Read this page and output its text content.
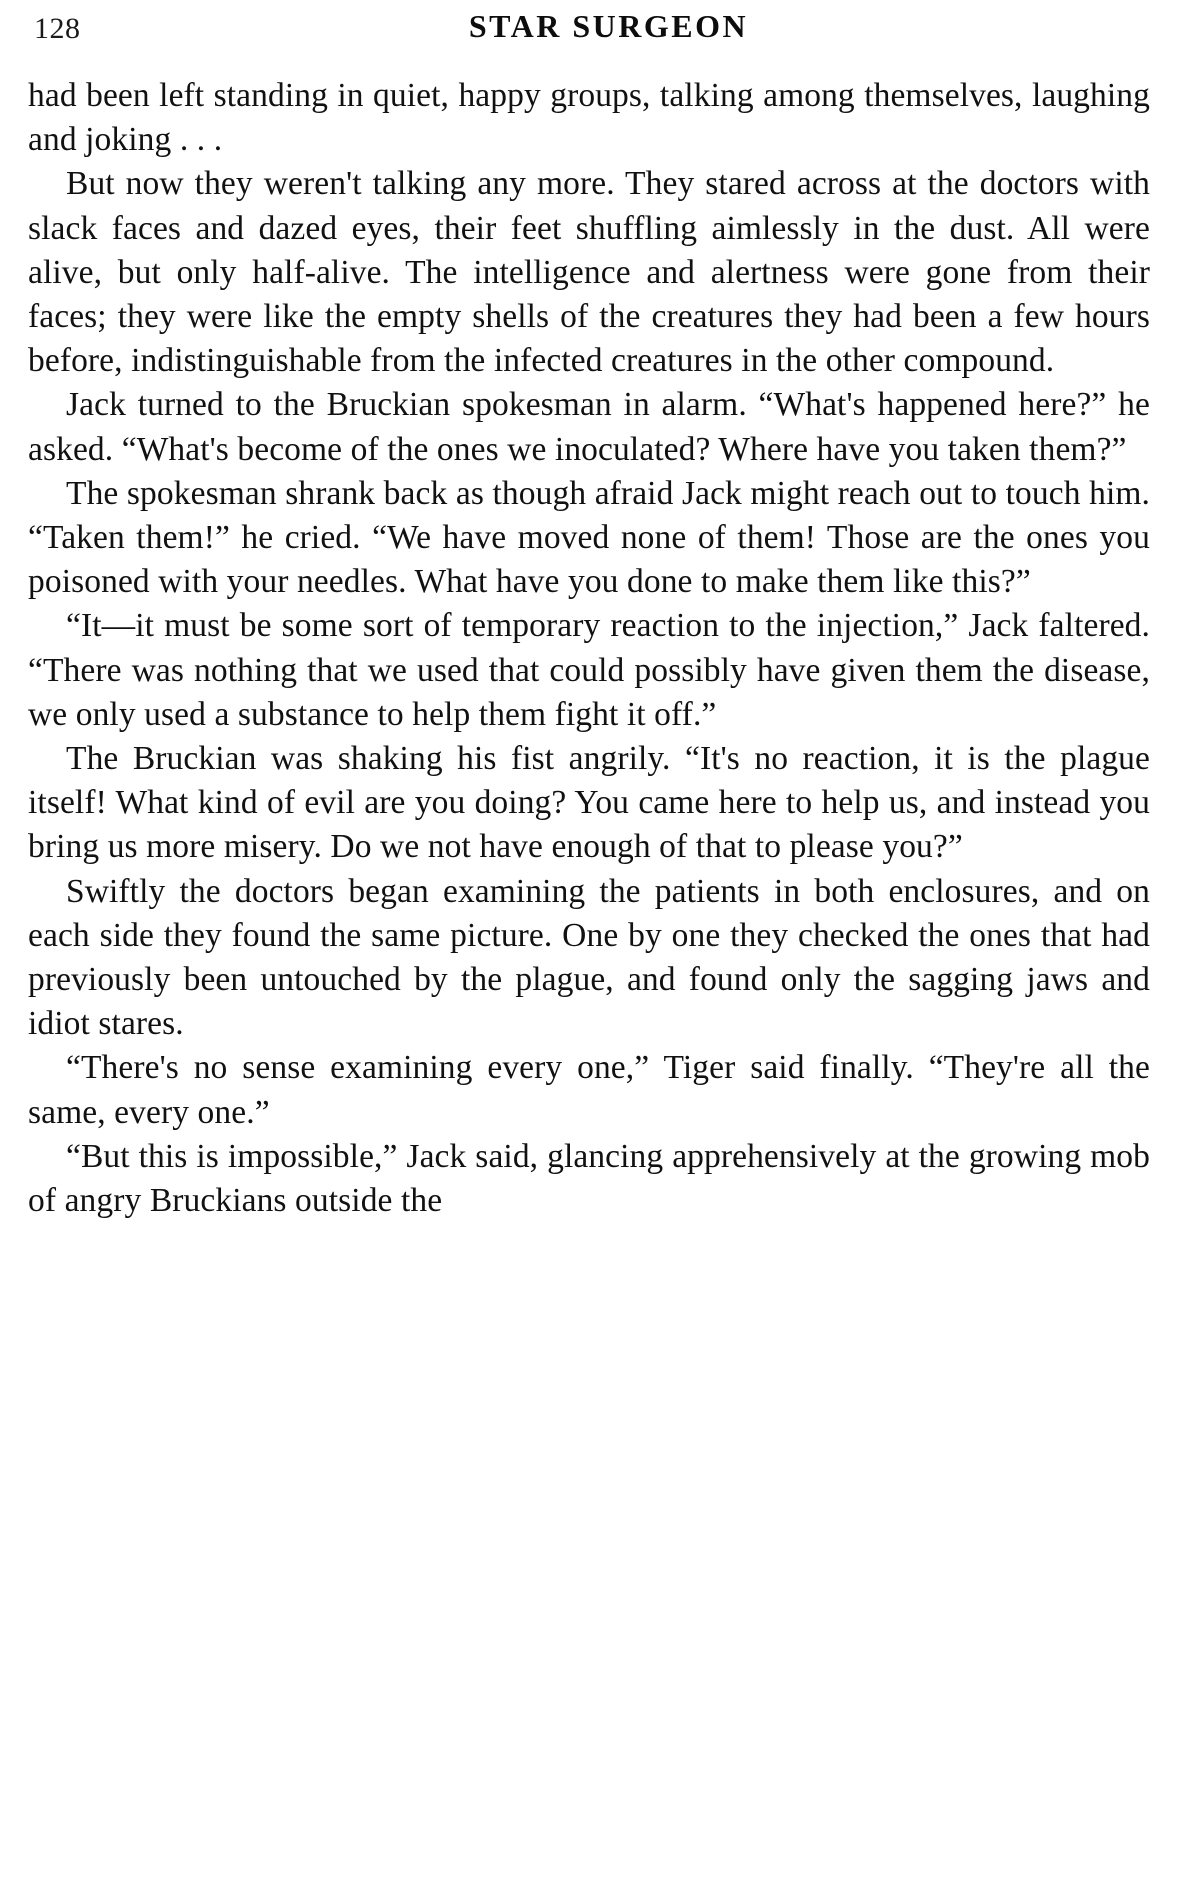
128	STAR SURGEON

had been left standing in quiet, happy groups, talking among themselves, laughing and joking . . .

But now they weren't talking any more. They stared across at the doctors with slack faces and dazed eyes, their feet shuffling aimlessly in the dust. All were alive, but only half-alive. The intelligence and alertness were gone from their faces; they were like the empty shells of the creatures they had been a few hours before, indistinguishable from the infected creatures in the other compound.

Jack turned to the Bruckian spokesman in alarm. “What's happened here?” he asked. “What's become of the ones we inoculated? Where have you taken them?”

The spokesman shrank back as though afraid Jack might reach out to touch him. “Taken them!” he cried. “We have moved none of them! Those are the ones you poisoned with your needles. What have you done to make them like this?”

“It—it must be some sort of temporary reaction to the injection,” Jack faltered. “There was nothing that we used that could possibly have given them the disease, we only used a substance to help them fight it off.”

The Bruckian was shaking his fist angrily. “It's no reaction, it is the plague itself! What kind of evil are you doing? You came here to help us, and instead you bring us more misery. Do we not have enough of that to please you?”

Swiftly the doctors began examining the patients in both enclosures, and on each side they found the same picture. One by one they checked the ones that had previously been untouched by the plague, and found only the sagging jaws and idiot stares.

“There's no sense examining every one,” Tiger said finally. “They're all the same, every one.”

“But this is impossible,” Jack said, glancing apprehensively at the growing mob of angry Bruckians outside the
